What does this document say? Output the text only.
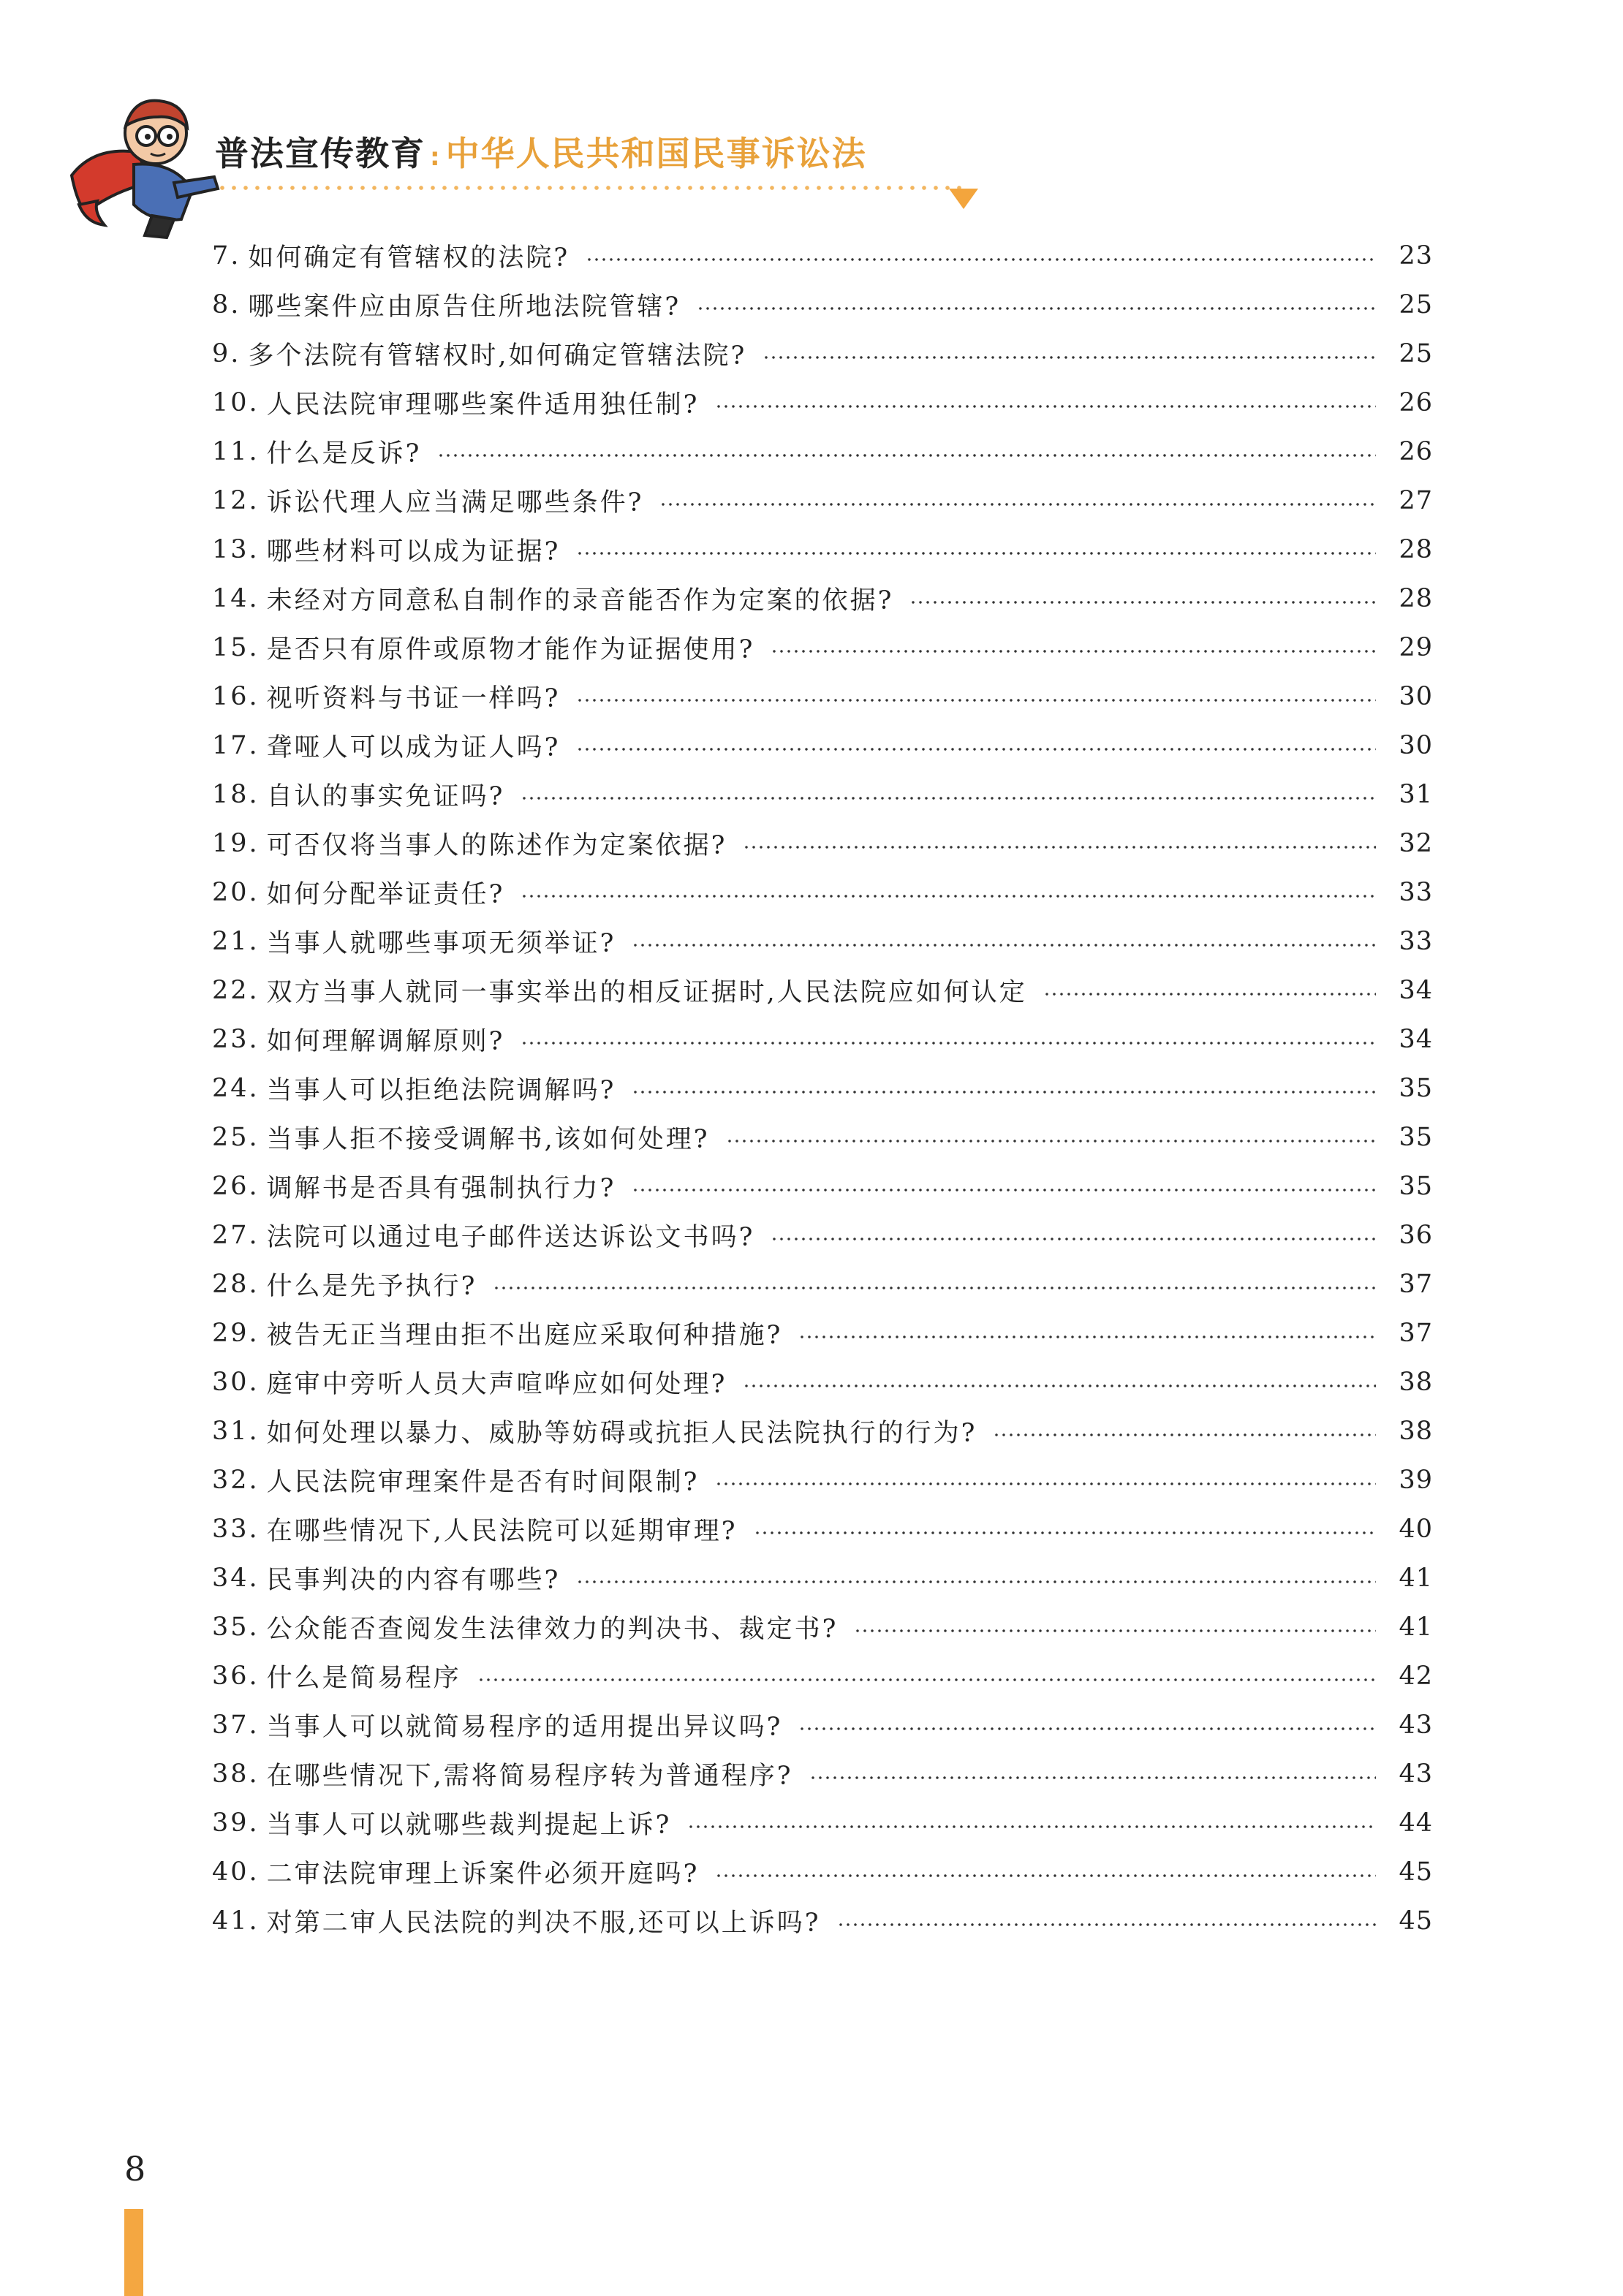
普法宣传教育 : 中华人民共和国民事诉讼法
7. 如何确定有管辖权的法院?	23
8. 哪些案件应由原告住所地法院管辖?	25
9. 多个法院有管辖权时,如何确定管辖法院?	25
10. 人民法院审理哪些案件适用独任制?	26
11. 什么是反诉?	26
12. 诉讼代理人应当满足哪些条件?	27
13. 哪些材料可以成为证据?	28
14. 未经对方同意私自制作的录音能否作为定案的依据?	28
15. 是否只有原件或原物才能作为证据使用?	29
16. 视听资料与书证一样吗?	30
17. 聋哑人可以成为证人吗?	30
18. 自认的事实免证吗?	31
19. 可否仅将当事人的陈述作为定案依据?	32
20. 如何分配举证责任?	33
21. 当事人就哪些事项无须举证?	33
22. 双方当事人就同一事实举出的相反证据时,人民法院应如何认定	34
23. 如何理解调解原则?	34
24. 当事人可以拒绝法院调解吗?	35
25. 当事人拒不接受调解书,该如何处理?	35
26. 调解书是否具有强制执行力?	35
27. 法院可以通过电子邮件送达诉讼文书吗?	36
28. 什么是先予执行?	37
29. 被告无正当理由拒不出庭应采取何种措施?	37
30. 庭审中旁听人员大声喧哗应如何处理?	38
31. 如何处理以暴力、威胁等妨碍或抗拒人民法院执行的行为?	38
32. 人民法院审理案件是否有时间限制?	39
33. 在哪些情况下,人民法院可以延期审理?	40
34. 民事判决的内容有哪些?	41
35. 公众能否查阅发生法律效力的判决书、裁定书?	41
36. 什么是简易程序	42
37. 当事人可以就简易程序的适用提出异议吗?	43
38. 在哪些情况下,需将简易程序转为普通程序?	43
39. 当事人可以就哪些裁判提起上诉?	44
40. 二审法院审理上诉案件必须开庭吗?	45
41. 对第二审人民法院的判决不服,还可以上诉吗?	45
8
